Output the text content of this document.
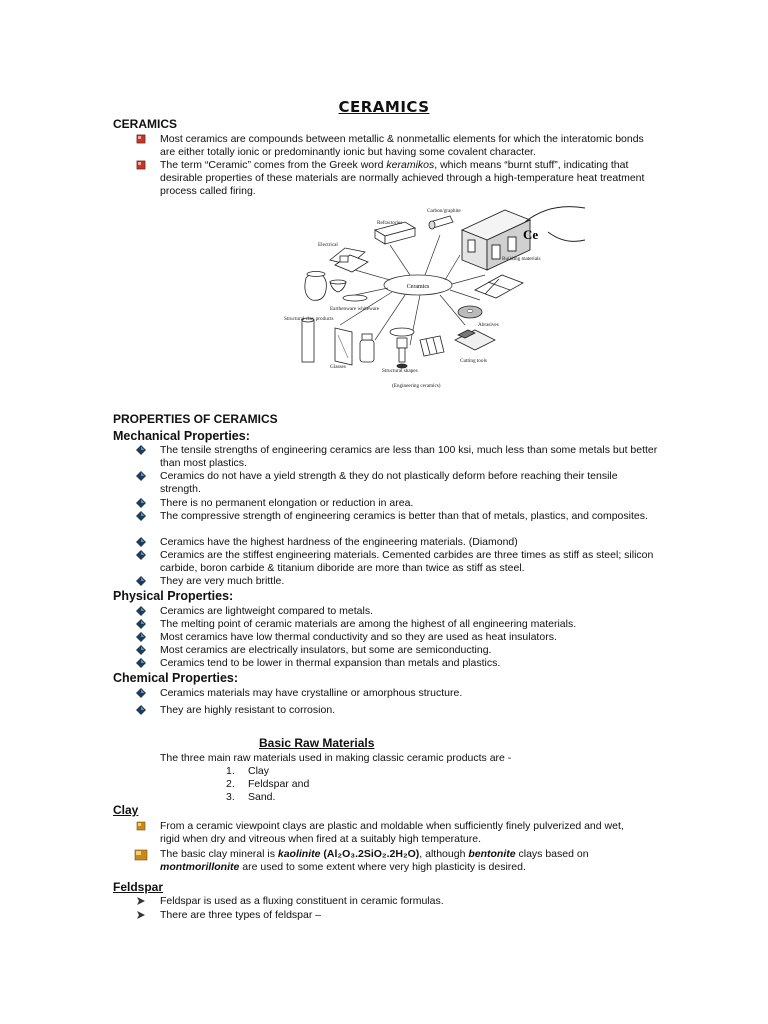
CERAMICS
CERAMICS
Most ceramics are compounds between metallic & nonmetallic elements for which the interatomic bonds are either totally ionic or predominantly ionic but having some covalent character.
The term “Ceramic” comes from the Greek word keramikos, which means “burnt stuff”, indicating that desirable properties of these materials are normally achieved through a high-temperature heat treatment process called firing.
Ceramics
Ce
Carbon/graphite
Refractories
Electrical
Building materials
Earthenware whiteware
Structural clay products
Abrasives
Glasses
Structural shapes
Cutting tools
(Engineering ceramics)
PROPERTIES OF CERAMICS
Mechanical Properties:
The tensile strengths of engineering ceramics are less than 100 ksi, much less than some metals but better than most plastics.
Ceramics do not have a yield strength & they do not plastically deform before reaching their tensile strength.
There is no permanent elongation or reduction in area.
The compressive strength of engineering ceramics is better than that of metals, plastics, and composites.
Ceramics have the highest hardness of the engineering materials. (Diamond)
Ceramics are the stiffest engineering materials. Cemented carbides are three times as stiff as steel; silicon carbide, boron carbide & titanium diboride are more than twice as stiff as steel.
They are very much brittle.
Physical Properties:
Ceramics are lightweight compared to metals.
The melting point of ceramic materials are among the highest of all engineering materials.
Most ceramics have low thermal conductivity and so they are used as heat insulators.
Most ceramics are electrically insulators, but some are semiconducting.
Ceramics tend to be lower in thermal expansion than metals and plastics.
Chemical Properties:
Ceramics materials may have crystalline or amorphous structure.
They are highly resistant to corrosion.
Basic Raw Materials
The three main raw materials used in making classic ceramic products are -
1. Clay
2. Feldspar and
3. Sand.
Clay
From a ceramic viewpoint clays are plastic and moldable when sufficiently finely pulverized and wet, rigid when dry and vitreous when fired at a suitably high temperature.
The basic clay mineral is kaolinite (Al₂O₃.2SiO₂.2H₂O), although bentonite clays based on
montmorillonite are used to some extent where very high plasticity is desired.
Feldspar
Feldspar is used as a fluxing constituent in ceramic formulas.
There are three types of feldspar –
